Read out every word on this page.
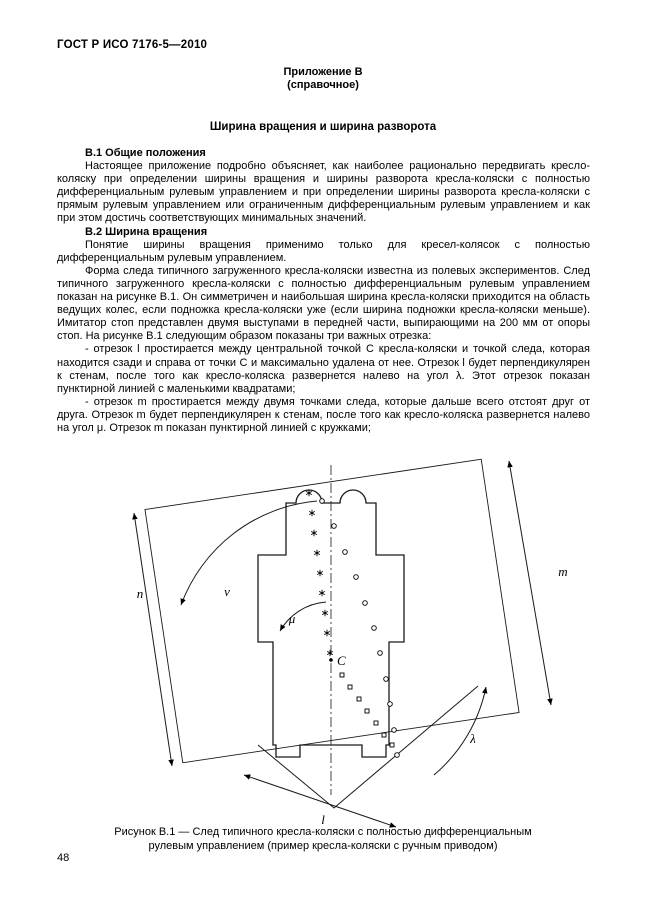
ГОСТ Р ИСО 7176-5—2010
Приложение В
(справочное)
Ширина вращения и ширина разворота

В.1 Общие положения

Настоящее приложение подробно объясняет, как наиболее рационально передвигать кресло-коляску при определении ширины вращения и ширины разворота кресла-коляски с полностью дифференциальным рулевым управлением и при определении ширины разворота кресла-коляски с прямым рулевым управлением или ограниченным дифференциальным рулевым управлением и как при этом достичь соответствующих минимальных значений.

В.2 Ширина вращения

Понятие ширины вращения применимо только для кресел-колясок с полностью дифференциальным рулевым управлением.

Форма следа типичного загруженного кресла-коляски известна из полевых экспериментов. След типичного загруженного кресла-коляски с полностью дифференциальным рулевым управлением показан на рисунке В.1. Он симметричен и наибольшая ширина кресла-коляски приходится на область ведущих колес, если подножка кресла-коляски уже (если ширина подножки кресла-коляски меньше). Имитатор стоп представлен двумя выступами в передней части, выпирающими на 200 мм от опоры стоп. На рисунке В.1 следующим образом показаны три важных отрезка:

- отрезок l простирается между центральной точкой С кресла-коляски и точкой следа, которая находится сзади и справа от точки С и максимально удалена от нее. Отрезок l будет перпендикулярен к стенам, после того как кресло-коляска развернется налево на угол λ. Этот отрезок показан пунктирной линией с маленькими квадратами;

- отрезок m простирается между двумя точками следа, которые дальше всего отстоят друг от друга. Отрезок m будет перпендикулярен к стенам, после того как кресло-коляска развернется налево на угол μ. Отрезок m показан пунктирной линией с кружками;

n
m
v
μ
λ
C
l
Рисунок В.1 — След типичного кресла-коляски с полностью дифференциальным рулевым управлением (пример кресла-коляски с ручным приводом)
48
